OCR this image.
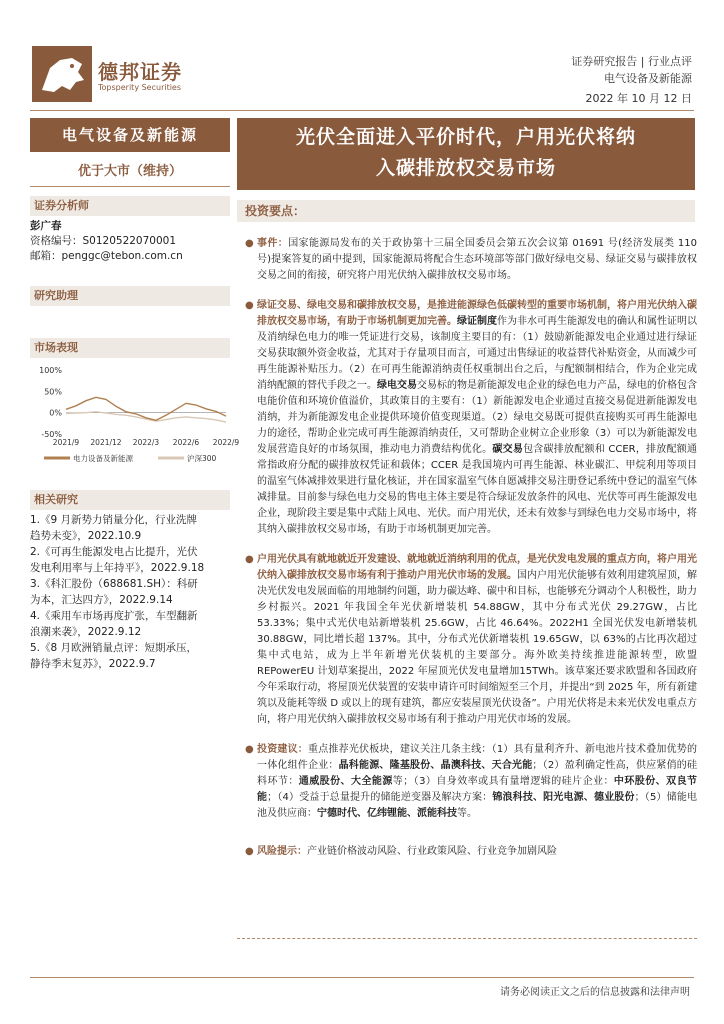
德邦证券
Topsperity Securities
证券研究报告 | 行业点评
电气设备及新能源
2022 年 10 月 12 日
电气设备及新能源
优于大市（维持）
证券分析师
彭广春
资格编号：S0120522070001
邮箱：penggc@tebon.com.cn
研究助理
市场表现
100%
50%
0%
-50%
2021/9 2021/12 2022/3 2022/6 2022/9
电力设备及新能源	沪深300
相关研究
1.《9 月新势力销量分化，行业洗牌
趋势未变》，2022.10.9
2.《可再生能源发电占比提升，光伏
发电利用率与上年持平》，2022.9.18
3.《科汇股份（688681.SH）：科研
为本，汇达四方》，2022.9.14
4.《乘用车市场再度扩张，车型翻新
浪潮来袭》，2022.9.12
5.《8 月欧洲销量点评：短期承压，
静待季末复苏》，2022.9.7
光伏全面进入平价时代，户用光伏将纳
入碳排放权交易市场
投资要点：
● 事件：国家能源局发布的关于政协第十三届全国委员会第五次会议第 01691 号(经济发展类 110 号)提案答复的函中提到，国家能源局将配合生态环境部等部门做好绿电交易、绿证交易与碳排放权交易之间的衔接，研究将户用光伏纳入碳排放权交易市场。
● 绿证交易、绿电交易和碳排放权交易，是推进能源绿色低碳转型的重要市场机制，将户用光伏纳入碳排放权交易市场，有助于市场机制更加完善。绿证制度作为非水可再生能源发电的确认和属性证明以及消纳绿色电力的唯一凭证进行交易，该制度主要目的有：（1）鼓励新能源发电企业通过进行绿证交易获取额外资金收益，尤其对于存量项目而言，可通过出售绿证的收益替代补贴资金，从而减少可再生能源补贴压力。（2）在可再生能源消纳责任权重制出台之后，与配额制相结合，作为企业完成消纳配额的替代手段之一。绿电交易交易标的物是新能源发电企业的绿色电力产品，绿电的价格包含电能价值和环境价值溢价，其政策目的主要有：（1）新能源发电企业通过直接交易促进新能源发电消纳，并为新能源发电企业提供环境价值变现渠道。（2）绿电交易既可提供直接购买可再生能源电力的途径，帮助企业完成可再生能源消纳责任，又可帮助企业树立企业形象（3）可以为新能源发电发展营造良好的市场氛围，推动电力消费结构优化。碳交易包含碳排放配额和 CCER，排放配额通常指政府分配的碳排放权凭证和载体；CCER 是我国境内可再生能源、林业碳汇、甲烷利用等项目的温室气体减排效果进行量化核证，并在国家温室气体自愿减排交易注册登记系统中登记的温室气体减排量。目前参与绿色电力交易的售电主体主要是符合绿证发放条件的风电、光伏等可再生能源发电企业，现阶段主要是集中式陆上风电、光伏。而户用光伏，还未有效参与到绿色电力交易市场中，将其纳入碳排放权交易市场，有助于市场机制更加完善。
● 户用光伏具有就地就近开发建设、就地就近消纳利用的优点，是光伏发电发展的重点方向，将户用光伏纳入碳排放权交易市场有利于推动户用光伏市场的发展。国内户用光伏能够有效利用建筑屋顶，解决光伏发电发展面临的用地制约问题，助力碳达峰、碳中和目标，也能够充分调动个人积极性，助力乡村振兴。2021 年我国全年光伏新增装机 54.88GW，其中分布式光伏 29.27GW，占比 53.33%；集中式光伏电站新增装机 25.6GW，占比 46.64%。2022H1 全国光伏发电新增装机 30.88GW，同比增长超 137%。其中，分布式光伏新增装机 19.65GW，以 63%的占比再次超过集中式电站，成为上半年新增光伏装机的主要部分。海外欧美持续推进能源转型，欧盟 REPowerEU 计划草案提出，2022 年屋顶光伏发电量增加15TWh。该草案还要求欧盟和各国政府今年采取行动，将屋顶光伏装置的安装申请许可时间缩短至三个月，并提出“到 2025 年，所有新建筑以及能耗等级 D 或以上的现有建筑，都应安装屋顶光伏设备”。户用光伏将是未来光伏发电重点方向，将户用光伏纳入碳排放权交易市场有利于推动户用光伏市场的发展。
● 投资建议：重点推荐光伏板块，建议关注几条主线：（1）具有量利齐升、新电池片技术叠加优势的一体化组件企业：晶科能源、隆基股份、晶澳科技、天合光能；（2）盈利确定性高，供应紧俏的硅料环节：通威股份、大全能源等；（3）自身效率或具有量增逻辑的硅片企业：中环股份、双良节能；（4）受益于总量提升的储能逆变器及解决方案：锦浪科技、阳光电源、德业股份；（5）储能电池及供应商：宁德时代、亿纬锂能、派能科技等。
● 风险提示：产业链价格波动风险、行业政策风险、行业竞争加剧风险
请务必阅读正文之后的信息披露和法律声明
